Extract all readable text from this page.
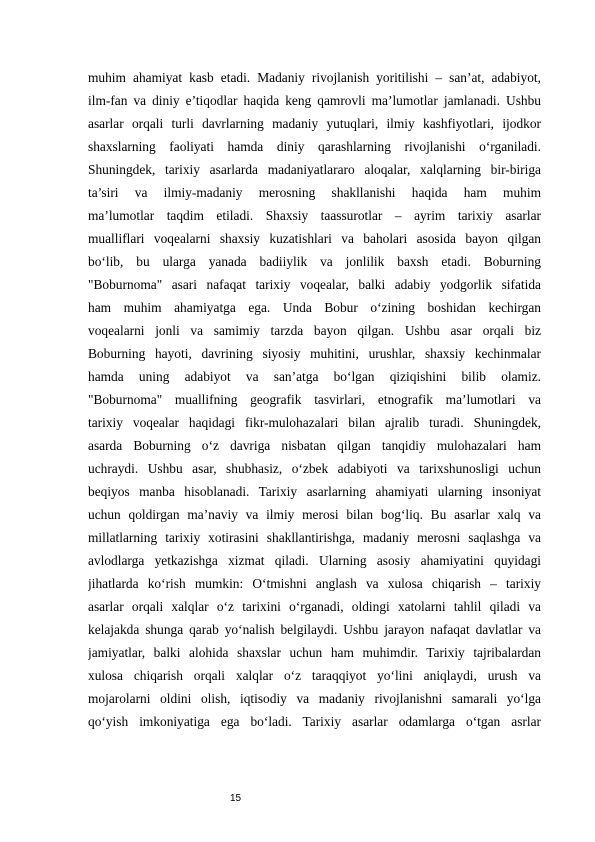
muhim ahamiyat kasb etadi. Madaniy rivojlanish yoritilishi – san’at, adabiyot,
ilm-fan va diniy e’tiqodlar haqida keng qamrovli ma’lumotlar jamlanadi. Ushbu
asarlar orqali turli davrlarning madaniy yutuqlari, ilmiy kashfiyotlari, ijodkor
shaxslarning faoliyati hamda diniy qarashlarning rivojlanishi o‘rganiladi.
Shuningdek, tarixiy asarlarda madaniyatlararo aloqalar, xalqlarning bir-biriga
ta’siri va ilmiy-madaniy merosning shakllanishi haqida ham muhim
ma’lumotlar taqdim etiladi. Shaxsiy taassurotlar – ayrim tarixiy asarlar
mualliflari voqealarni shaxsiy kuzatishlari va baholari asosida bayon qilgan
bo‘lib, bu ularga yanada badiiylik va jonlilik baxsh etadi. Boburning
"Boburnoma" asari nafaqat tarixiy voqealar, balki adabiy yodgorlik sifatida
ham muhim ahamiyatga ega. Unda Bobur o‘zining boshidan kechirgan
voqealarni jonli va samimiy tarzda bayon qilgan. Ushbu asar orqali biz
Boburning hayoti, davrining siyosiy muhitini, urushlar, shaxsiy kechinmalar
hamda uning adabiyot va san’atga bo‘lgan qiziqishini bilib olamiz.
"Boburnoma" muallifning geografik tasvirlari, etnografik ma’lumotlari va
tarixiy voqealar haqidagi fikr-mulohazalari bilan ajralib turadi. Shuningdek,
asarda Boburning o‘z davriga nisbatan qilgan tanqidiy mulohazalari ham
uchraydi. Ushbu asar, shubhasiz, o‘zbek adabiyoti va tarixshunosligi uchun
beqiyos manba hisoblanadi. Tarixiy asarlarning ahamiyati ularning insoniyat
uchun qoldirgan ma’naviy va ilmiy merosi bilan bog‘liq. Bu asarlar xalq va
millatlarning tarixiy xotirasini shakllantirishga, madaniy merosni saqlashga va
avlodlarga yetkazishga xizmat qiladi. Ularning asosiy ahamiyatini quyidagi
jihatlarda ko‘rish mumkin: O‘tmishni anglash va xulosa chiqarish – tarixiy
asarlar orqali xalqlar o‘z tarixini o‘rganadi, oldingi xatolarni tahlil qiladi va
kelajakda shunga qarab yo‘nalish belgilaydi. Ushbu jarayon nafaqat davlatlar va
jamiyatlar, balki alohida shaxslar uchun ham muhimdir. Tarixiy tajribalardan
xulosa chiqarish orqali xalqlar o‘z taraqqiyot yo‘lini aniqlaydi, urush va
mojarolarni oldini olish, iqtisodiy va madaniy rivojlanishni samarali yo‘lga
qo‘yish imkoniyatiga ega bo‘ladi. Tarixiy asarlar odamlarga o‘tgan asrlar
15
